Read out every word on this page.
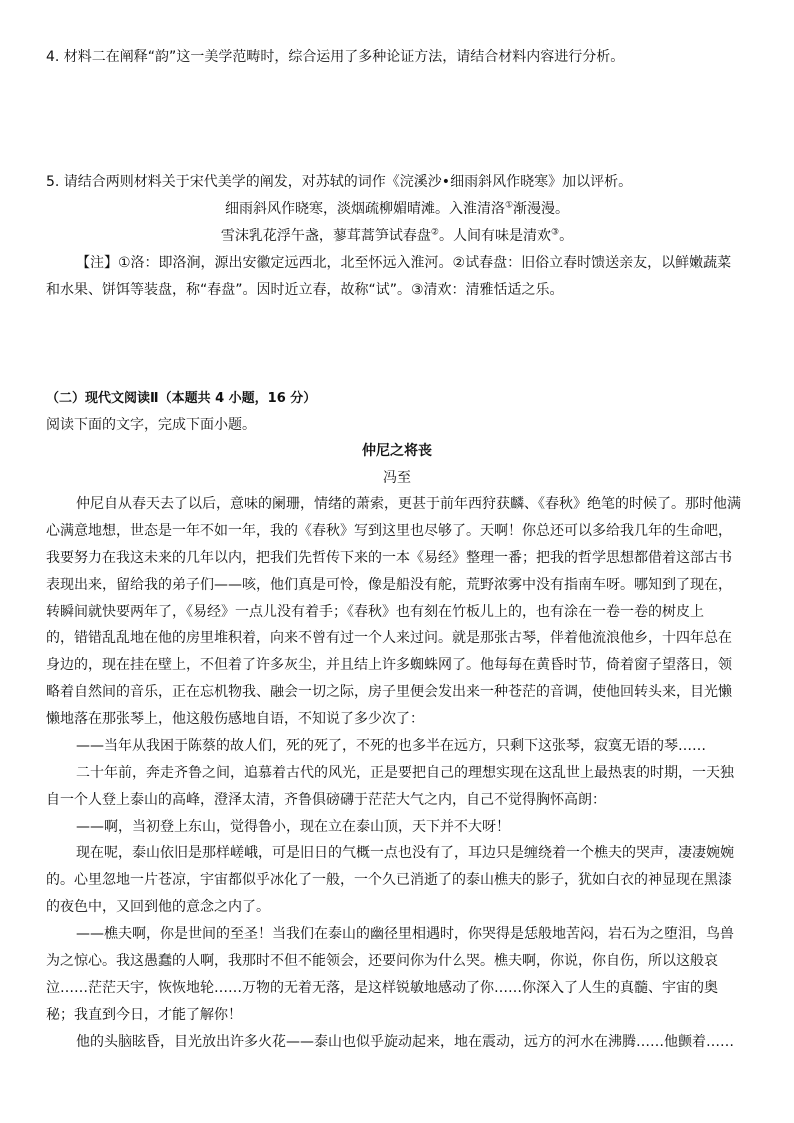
4. 材料二在阐释“韵”这一美学范畴时，综合运用了多种论证方法，请结合材料内容进行分析。
5. 请结合两则材料关于宋代美学的阐发，对苏轼的词作《浣溪沙•细雨斜风作晓寒》加以评析。
细雨斜风作晓寒，淡烟疏柳媚晴滩。入淮清洛①渐漫漫。
雪沫乳花浮午盏，蓼茸蒿笋试春盘②。人间有味是清欢③。
【注】①洛：即洛涧，源出安徽定远西北，北至怀远入淮河。②试春盘：旧俗立春时馈送亲友，以鲜嫩蔬菜
和水果、饼饵等装盘，称“春盘”。因时近立春，故称“试”。③清欢：清雅恬适之乐。
（二）现代文阅读Ⅱ（本题共 4 小题，16 分）
阅读下面的文字，完成下面小题。
仲尼之将丧
冯至
仲尼自从春天去了以后，意味的阑珊，情绪的萧索，更甚于前年西狩获麟、《春秋》绝笔的时候了。那时他满
心满意地想，世态是一年不如一年，我的《春秋》写到这里也尽够了。天啊！你总还可以多给我几年的生命吧，
我要努力在我这未来的几年以内，把我们先哲传下来的一本《易经》整理一番；把我的哲学思想都借着这部古书
表现出来，留给我的弟子们——咳，他们真是可怜，像是船没有舵，荒野浓雾中没有指南车呀。哪知到了现在，
转瞬间就快要两年了，《易经》一点儿没有着手；《春秋》也有刻在竹板儿上的，也有涂在一卷一卷的树皮上
的，错错乱乱地在他的房里堆积着，向来不曾有过一个人来过问。就是那张古琴，伴着他流浪他乡，十四年总在
身边的，现在挂在壁上，不但着了许多灰尘，并且结上许多蜘蛛网了。他每每在黄昏时节，倚着窗子望落日，领
略着自然间的音乐，正在忘机物我、融会一切之际，房子里便会发出来一种苍茫的音调，使他回转头来，目光懒
懒地落在那张琴上，他这般伤感地自语，不知说了多少次了：
——当年从我困于陈蔡的故人们，死的死了，不死的也多半在远方，只剩下这张琴，寂寞无语的琴……
二十年前，奔走齐鲁之间，追慕着古代的风光，正是要把自己的理想实现在这乱世上最热衷的时期，一天独
自一个人登上泰山的高峰，澄泽太清，齐鲁俱磅礴于茫茫大气之内，自己不觉得胸怀高朗：
——啊，当初登上东山，觉得鲁小，现在立在泰山顶，天下并不大呀！
现在呢，泰山依旧是那样嵯峨，可是旧日的气概一点也没有了，耳边只是缠绕着一个樵夫的哭声，凄凄婉婉
的。心里忽地一片苍凉，宇宙都似乎冰化了一般，一个久已消逝了的泰山樵夫的影子，犹如白衣的神显现在黑漆
的夜色中，又回到他的意念之内了。
——樵夫啊，你是世间的至圣！当我们在泰山的幽径里相遇时，你哭得是恁般地苦闷，岩石为之堕泪，鸟兽
为之惊心。我这愚蠢的人啊，我那时不但不能领会，还要问你为什么哭。樵夫啊，你说，你自伤，所以这般哀
泣……茫茫天宇，恢恢地轮……万物的无着无落，是这样锐敏地感动了你……你深入了人生的真髓、宇宙的奥
秘；我直到今日，才能了解你！
他的头脑眩昏，目光放出许多火花——泰山也似乎旋动起来，地在震动，远方的河水在沸腾……他颤着……
